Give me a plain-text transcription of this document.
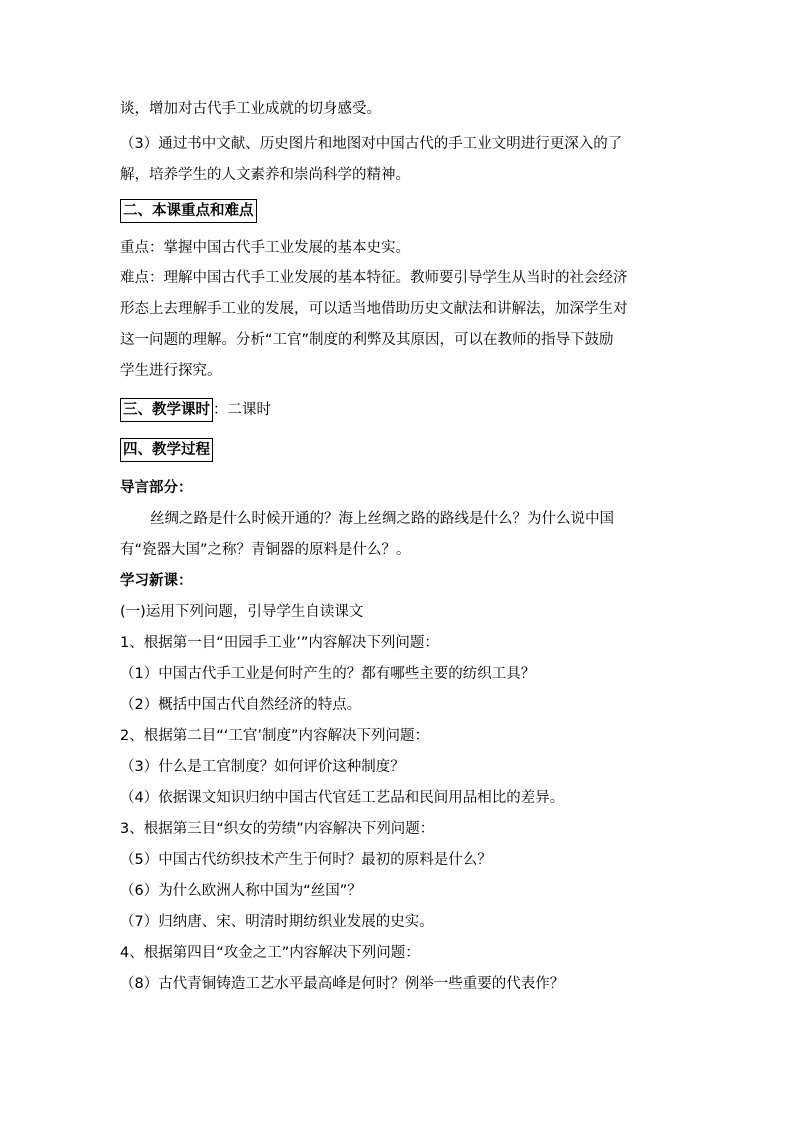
谈，增加对古代手工业成就的切身感受。
（3）通过书中文献、历史图片和地图对中国古代的手工业文明进行更深入的了
解，培养学生的人文素养和崇尚科学的精神。
二、本课重点和难点
重点：掌握中国古代手工业发展的基本史实。
难点：理解中国古代手工业发展的基本特征。教师要引导学生从当时的社会经济
形态上去理解手工业的发展，可以适当地借助历史文献法和讲解法，加深学生对
这一问题的理解。分析“工官”制度的利弊及其原因，可以在教师的指导下鼓励
学生进行探究。
三、教学课时 ：二课时
四、教学过程
导言部分：
丝绸之路是什么时候开通的？海上丝绸之路的路线是什么？为什么说中国
有“瓷器大国”之称？青铜器的原料是什么？。
学习新课：
(一)运用下列问题，引导学生自读课文
1、根据第一目“田园手工业’”内容解决下列问题：
（1）中国古代手工业是何时产生的？都有哪些主要的纺织工具？
（2）概括中国古代自然经济的特点。
2、根据第二目“‘工官’制度”内容解决下列问题：
（3）什么是工官制度？如何评价这种制度？
（4）依据课文知识归纳中国古代官廷工艺品和民间用品相比的差异。
3、根据第三目“织女的劳绩”内容解决下列问题：
（5）中国古代纺织技术产生于何时？最初的原料是什么？
（6）为什么欧洲人称中国为“丝国”？
（7）归纳唐、宋、明清时期纺织业发展的史实。
4、根据第四目“攻金之工”内容解决下列问题：
（8）古代青铜铸造工艺水平最高峰是何时？例举一些重要的代表作？
